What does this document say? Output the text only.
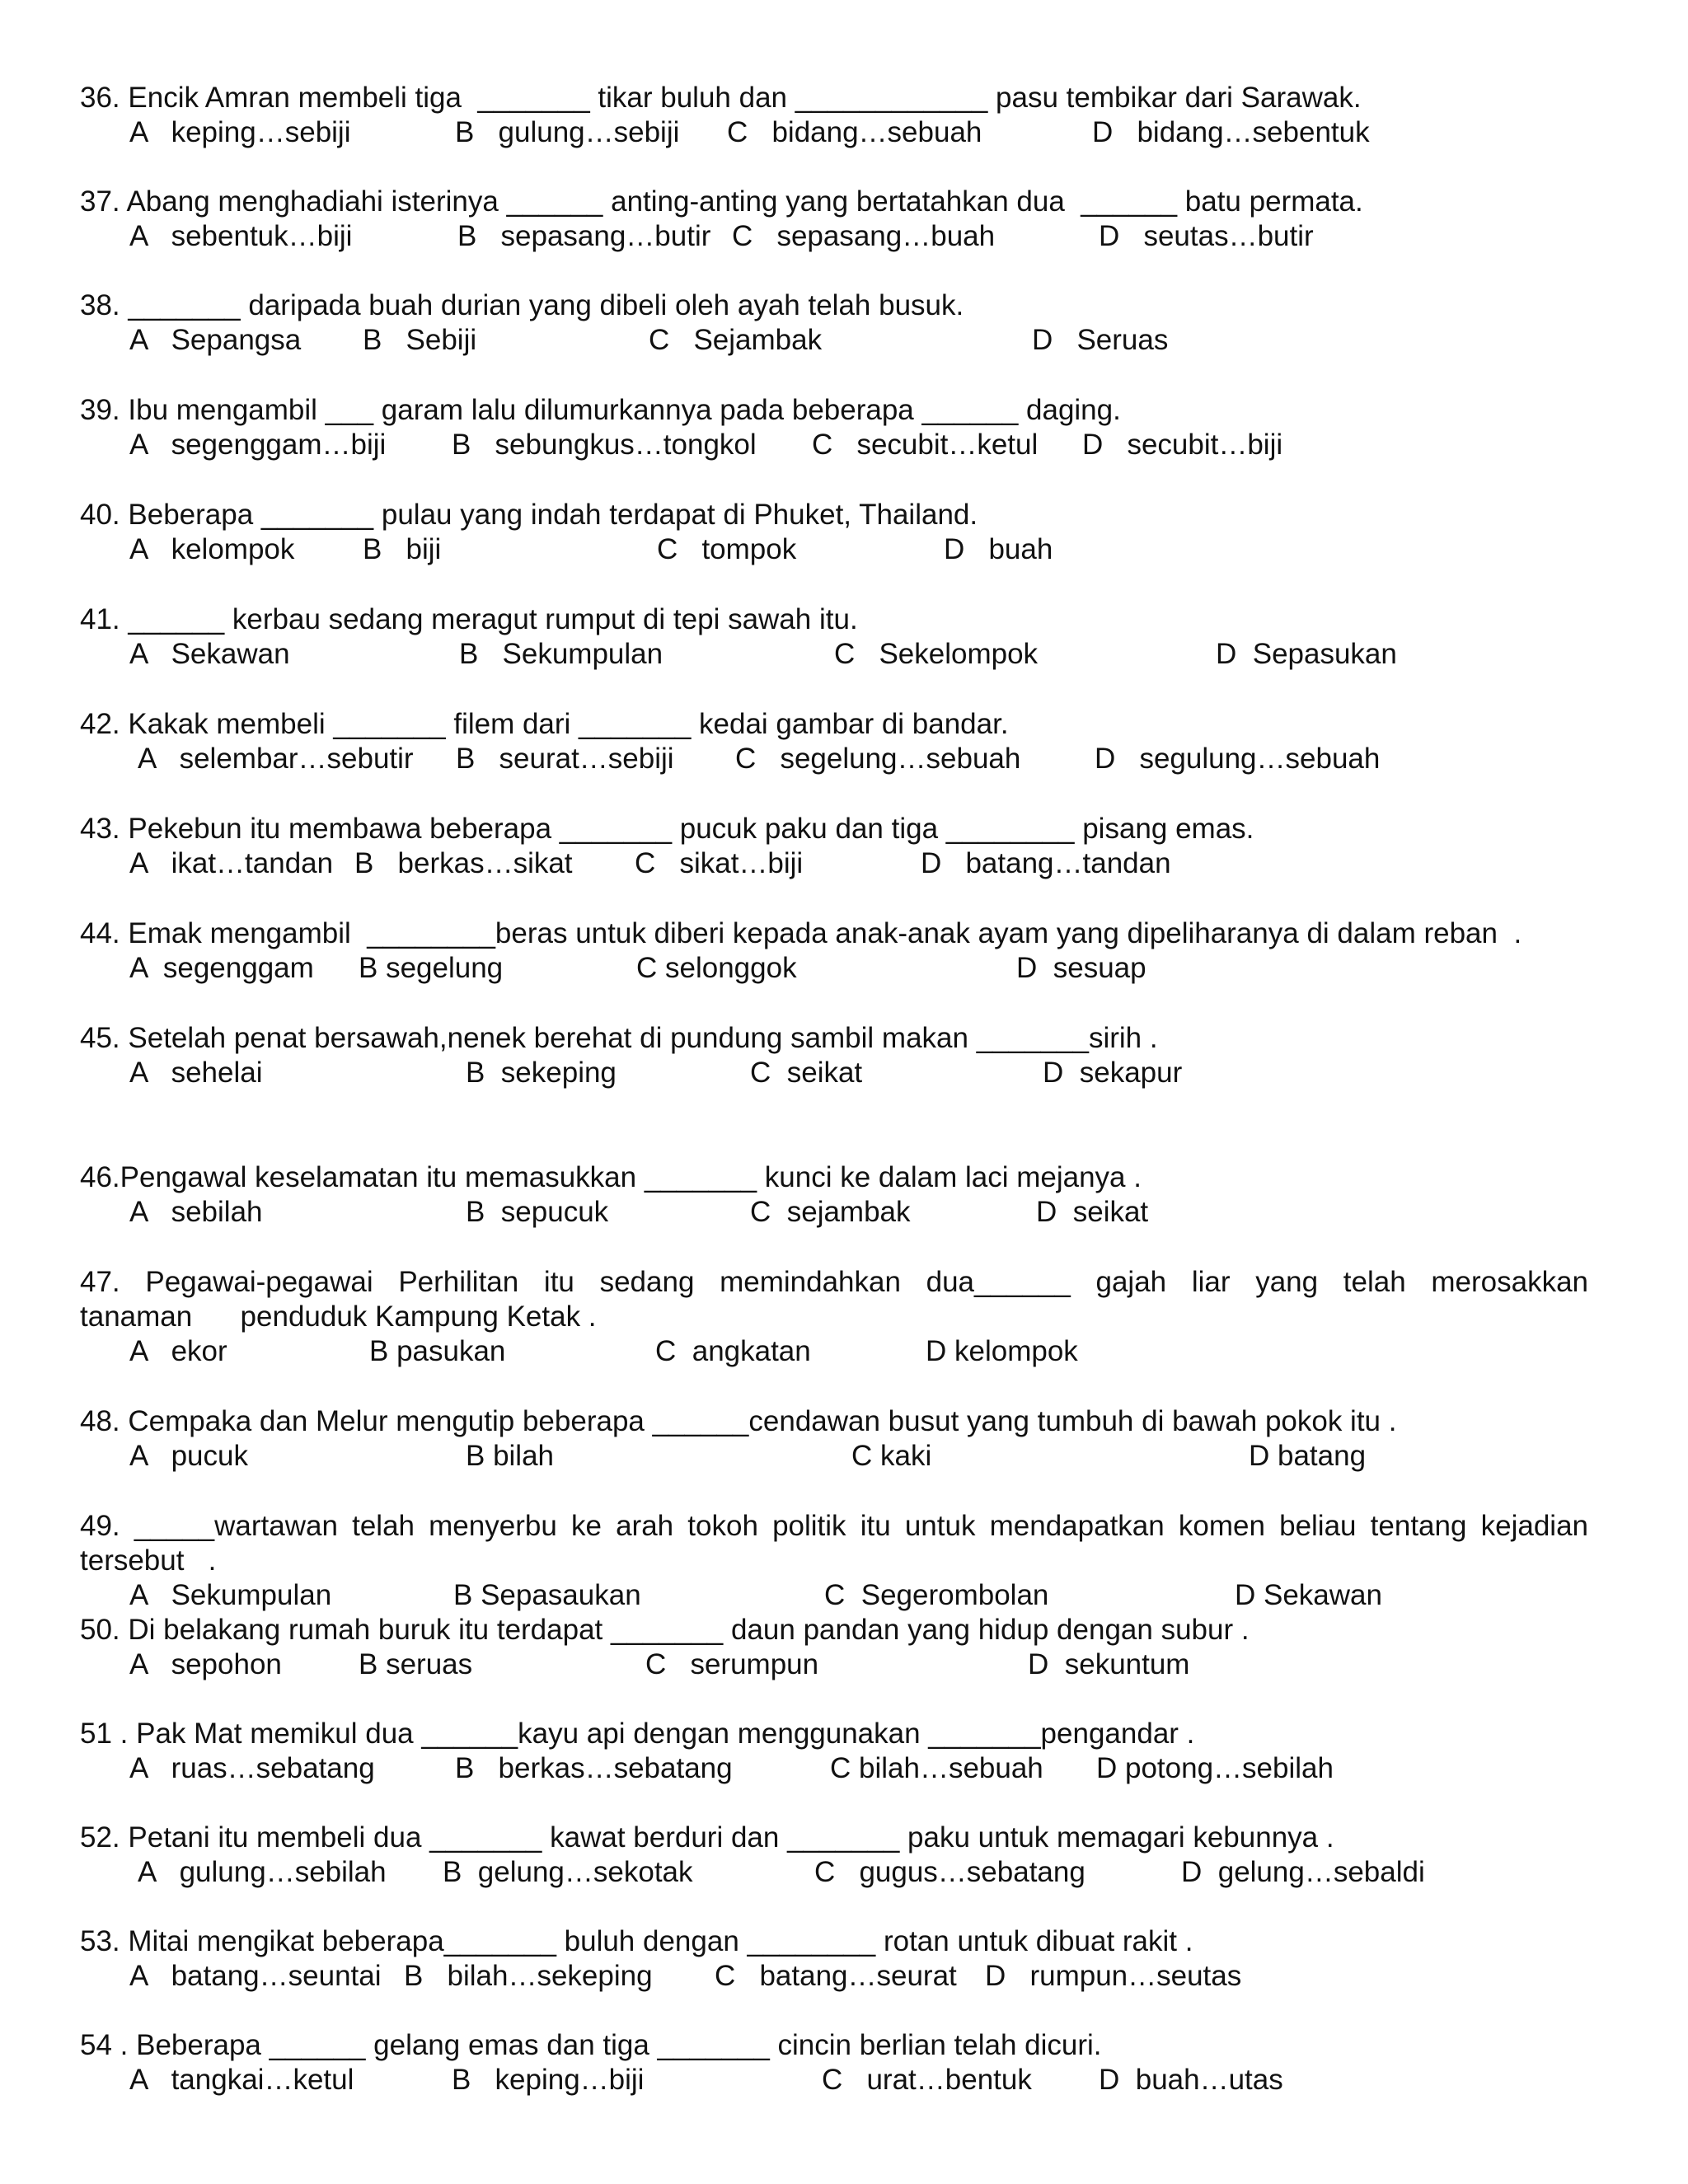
36. Encik Amran membeli tiga  _______ tikar buluh dan ____________ pasu tembikar dari Sarawak.
A   keping…sebiji	B   gulung…sebiji C   bidang…sebuah	D   bidang…sebentuk
37. Abang menghadiahi isterinya ______ anting-anting yang bertatahkan dua  ______ batu permata.
A   sebentuk…biji	B   sepasang…butir C   sepasang…buah	D   seutas…butir
38. _______ daripada buah durian yang dibeli oleh ayah telah busuk.
A   Sepangsa B   Sebiji	C   Sejambak	D   Seruas
39. Ibu mengambil ___ garam lalu dilumurkannya pada beberapa ______ daging.
A   segenggam…biji B   sebungkus…tongkol C   secubit…ketul D   secubit…biji
40. Beberapa _______ pulau yang indah terdapat di Phuket, Thailand.
A   kelompok B   biji	C   tompok	D   buah
41. ______ kerbau sedang meragut rumput di tepi sawah itu.
A   Sekawan	B   Sekumpulan	C   Sekelompok	D  Sepasukan
42. Kakak membeli _______ filem dari _______ kedai gambar di bandar.
A   selembar…sebutir B   seurat…sebiji C   segelung…sebuah	D   segulung…sebuah
43. Pekebun itu membawa beberapa _______ pucuk paku dan tiga ________ pisang emas.
A   ikat…tandan B   berkas…sikat C   sikat…biji	D   batang…tandan
44. Emak mengambil  ________beras untuk diberi kepada anak-anak ayam yang dipeliharanya di dalam reban  .
A  segenggam B segelung	C selonggok	D  sesuap
45. Setelah penat bersawah,nenek berehat di pundung sambil makan _______sirih .
A   sehelai	B  sekeping	C  seikat	D  sekapur
46.Pengawal keselamatan itu memasukkan _______ kunci ke dalam laci mejanya .
A   sebilah	B  sepucuk	C  sejambak	D  seikat
47. Pegawai-pegawai Perhilitan itu sedang memindahkan dua______ gajah liar yang telah merosakkan
tanaman      penduduk Kampung Ketak .
A   ekor	B pasukan	C  angkatan	D kelompok
48. Cempaka dan Melur mengutip beberapa ______cendawan busut yang tumbuh di bawah pokok itu .
A   pucuk	B bilah	C kaki	D batang
49. _____wartawan telah menyerbu ke arah tokoh politik itu untuk mendapatkan komen beliau tentang kejadian
tersebut   .
A   Sekumpulan	B Sepasaukan	C  Segerombolan	D Sekawan
50. Di belakang rumah buruk itu terdapat _______ daun pandan yang hidup dengan subur .
A   sepohon	B seruas	C   serumpun	D  sekuntum
51 . Pak Mat memikul dua ______kayu api dengan menggunakan _______pengandar .
A   ruas…sebatang	B   berkas…sebatang	C bilah…sebuah D potong…sebilah
52. Petani itu membeli dua _______ kawat berduri dan _______ paku untuk memagari kebunnya .
A   gulung…sebilah B  gelung…sekotak	C   gugus…sebatang	D  gelung…sebaldi
53. Mitai mengikat beberapa_______ buluh dengan ________ rotan untuk dibuat rakit .
A   batang…seuntai B   bilah…sekeping C   batang…seurat D   rumpun…seutas
54 . Beberapa ______ gelang emas dan tiga _______ cincin berlian telah dicuri.
A   tangkai…ketul	B   keping…biji	C   urat…bentuk D  buah…utas
